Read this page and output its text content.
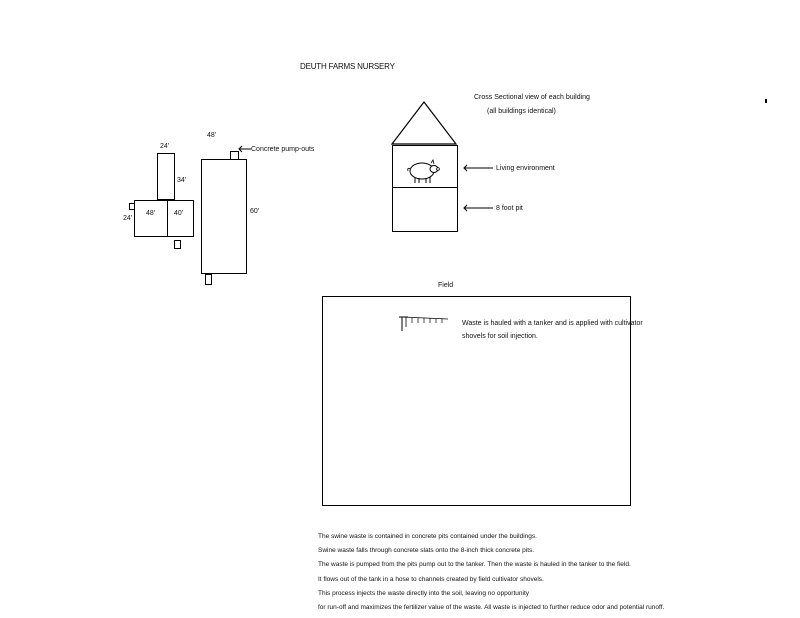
DEUTH FARMS NURSERY
24'
34'
24'
48'	40'
48'
60'
Concrete pump-outs
Cross Sectional view of each building
(all buildings identical)
Living environment
8 foot pit
Field
Waste is hauled with a tanker and is applied with cultivator
shovels for soil injection.
The swine waste is contained in concrete pits contained under the buildings.
Swine waste falls through concrete slats onto the 8-inch thick concrete pits.
The waste is pumped from the pits pump out to the tanker. Then the waste is hauled in the tanker to the field.
It flows out of the tank in a hose to channels created by field cultivator shovels.
This process injects the waste directly into the soil, leaving no opportunity
for run-off and maximizes the fertilizer value of the waste. All waste is injected to further reduce odor and potential runoff.
